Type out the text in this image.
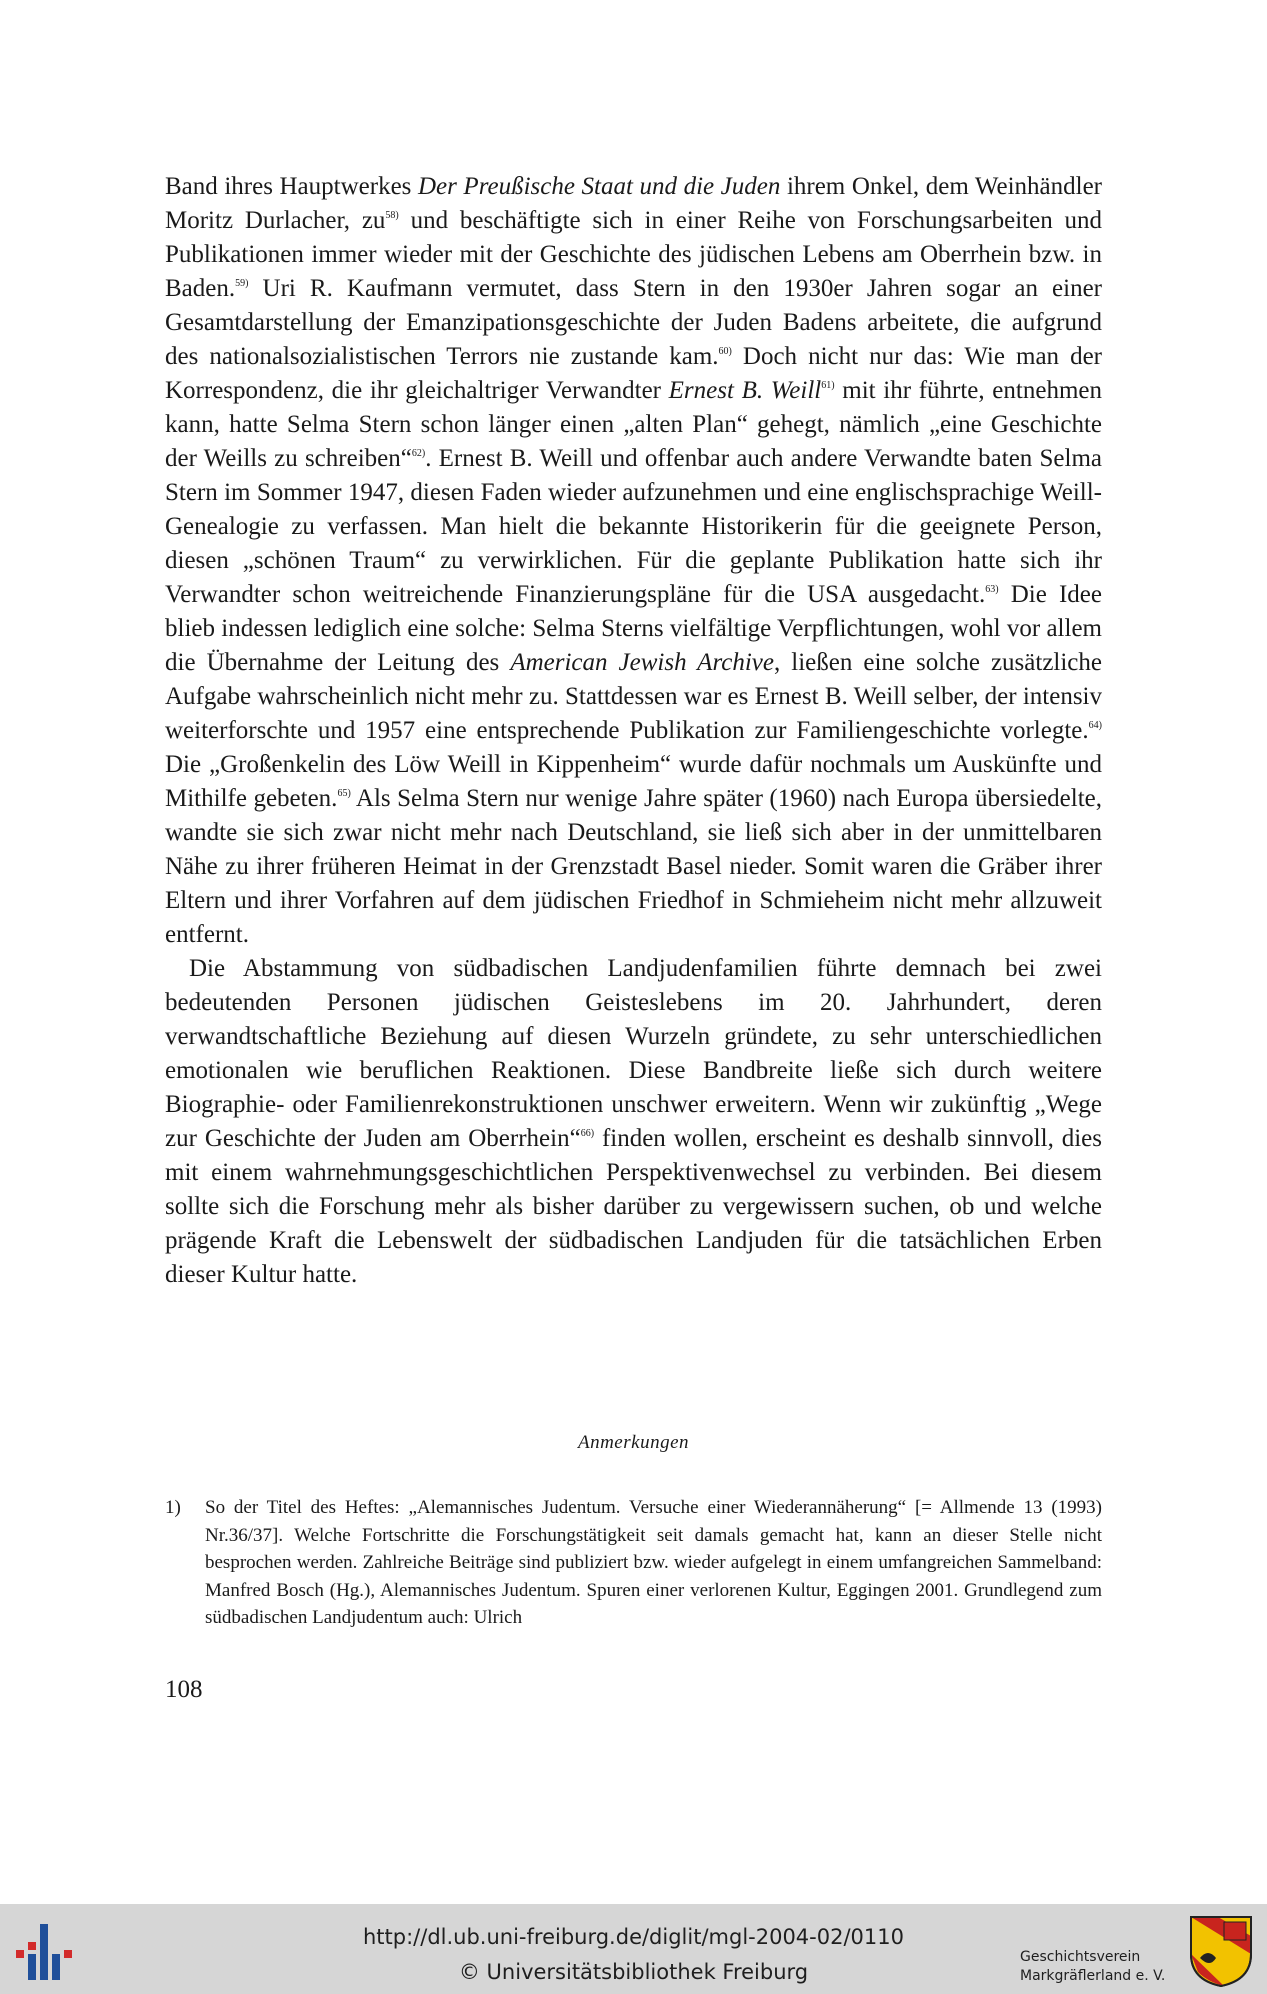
Band ihres Hauptwerkes Der Preußische Staat und die Juden ihrem Onkel, dem Weinhändler Moritz Durlacher, $zu^{58)}$ und beschäftigte sich in einer Reihe von Forschungsarbeiten und Publikationen immer wieder mit der Geschichte des jüdischen Lebens am Oberrhein bzw. in Baden.$^{59)}$ Uri R. Kaufmann vermutet, dass Stern in den 1930er Jahren sogar an einer Gesamtdarstellung der Emanzipationsgeschichte der Juden Badens arbeitete, die aufgrund des nationalsozialistischen Terrors nie zustande kam.$^{60)}$ Doch nicht nur das: Wie man der Korrespondenz, die ihr gleichaltriger Verwandter Ernest B. Weill$^{61)}$ mit ihr führte, entnehmen kann, hatte Selma Stern schon länger einen „alten Plan“ gehegt, nämlich „eine Geschichte der Weills zu schreiben“$^{62)}$. Ernest B. Weill und offenbar auch andere Verwandte baten Selma Stern im Sommer 1947, diesen Faden wieder aufzunehmen und eine englischsprachige Weill-Genealogie zu verfassen. Man hielt die bekannte Historikerin für die geeignete Person, diesen „schönen Traum“ zu verwirklichen. Für die geplante Publikation hatte sich ihr Verwandter schon weitreichende Finanzierungspläne für die USA ausgedacht.$^{63)}$ Die Idee blieb indessen lediglich eine solche: Selma Sterns vielfältige Verpflichtungen, wohl vor allem die Übernahme der Leitung des American Jewish Archive, ließen eine solche zusätzliche Aufgabe wahrscheinlich nicht mehr zu. Stattdessen war es Ernest B. Weill selber, der intensiv weiterforschte und 1957 eine entsprechende Publikation zur Familiengeschichte vorlegte.$^{64)}$ Die „Großenkelin des Löw Weill in Kippenheim“ wurde dafür nochmals um Auskünfte und Mithilfe gebeten.$^{65)}$ Als Selma Stern nur wenige Jahre später (1960) nach Europa übersiedelte, wandte sie sich zwar nicht mehr nach Deutschland, sie ließ sich aber in der unmittelbaren Nähe zu ihrer früheren Heimat in der Grenzstadt Basel nieder. Somit waren die Gräber ihrer Eltern und ihrer Vorfahren auf dem jüdischen Friedhof in Schmieheim nicht mehr allzuweit entfernt.

Die Abstammung von südbadischen Landjudenfamilien führte demnach bei zwei bedeutenden Personen jüdischen Geisteslebens im 20. Jahrhundert, deren verwandtschaftliche Beziehung auf diesen Wurzeln gründete, zu sehr unterschiedlichen emotionalen wie beruflichen Reaktionen. Diese Bandbreite ließe sich durch weitere Biographie- oder Familienrekonstruktionen unschwer erweitern. Wenn wir zukünftig „Wege zur Geschichte der Juden am Oberrhein“$^{66)}$ finden wollen, erscheint es deshalb sinnvoll, dies mit einem wahrnehmungsgeschichtlichen Perspektivenwechsel zu verbinden. Bei diesem sollte sich die Forschung mehr als bisher darüber zu vergewissern suchen, ob und welche prägende Kraft die Lebenswelt der südbadischen Landjuden für die tatsächlichen Erben dieser Kultur hatte.

Anmerkungen
1) So der Titel des Heftes: „Alemannisches Judentum. Versuche einer Wiederannäherung“ [= Allmende 13 (1993) Nr.36/37]. Welche Fortschritte die Forschungstätigkeit seit damals gemacht hat, kann an dieser Stelle nicht besprochen werden. Zahlreiche Beiträge sind publiziert bzw. wieder aufgelegt in einem umfangreichen Sammelband: Manfred Bosch (Hg.), Alemannisches Judentum. Spuren einer verlorenen Kultur, Eggingen 2001. Grundlegend zum südbadischen Landjudentum auch: Ulrich
108
http://dl.ub.uni-freiburg.de/diglit/mgl-2004-02/0110
© Universitätsbibliothek Freiburg
Geschichtsverein
Markgräflerland e. V.
